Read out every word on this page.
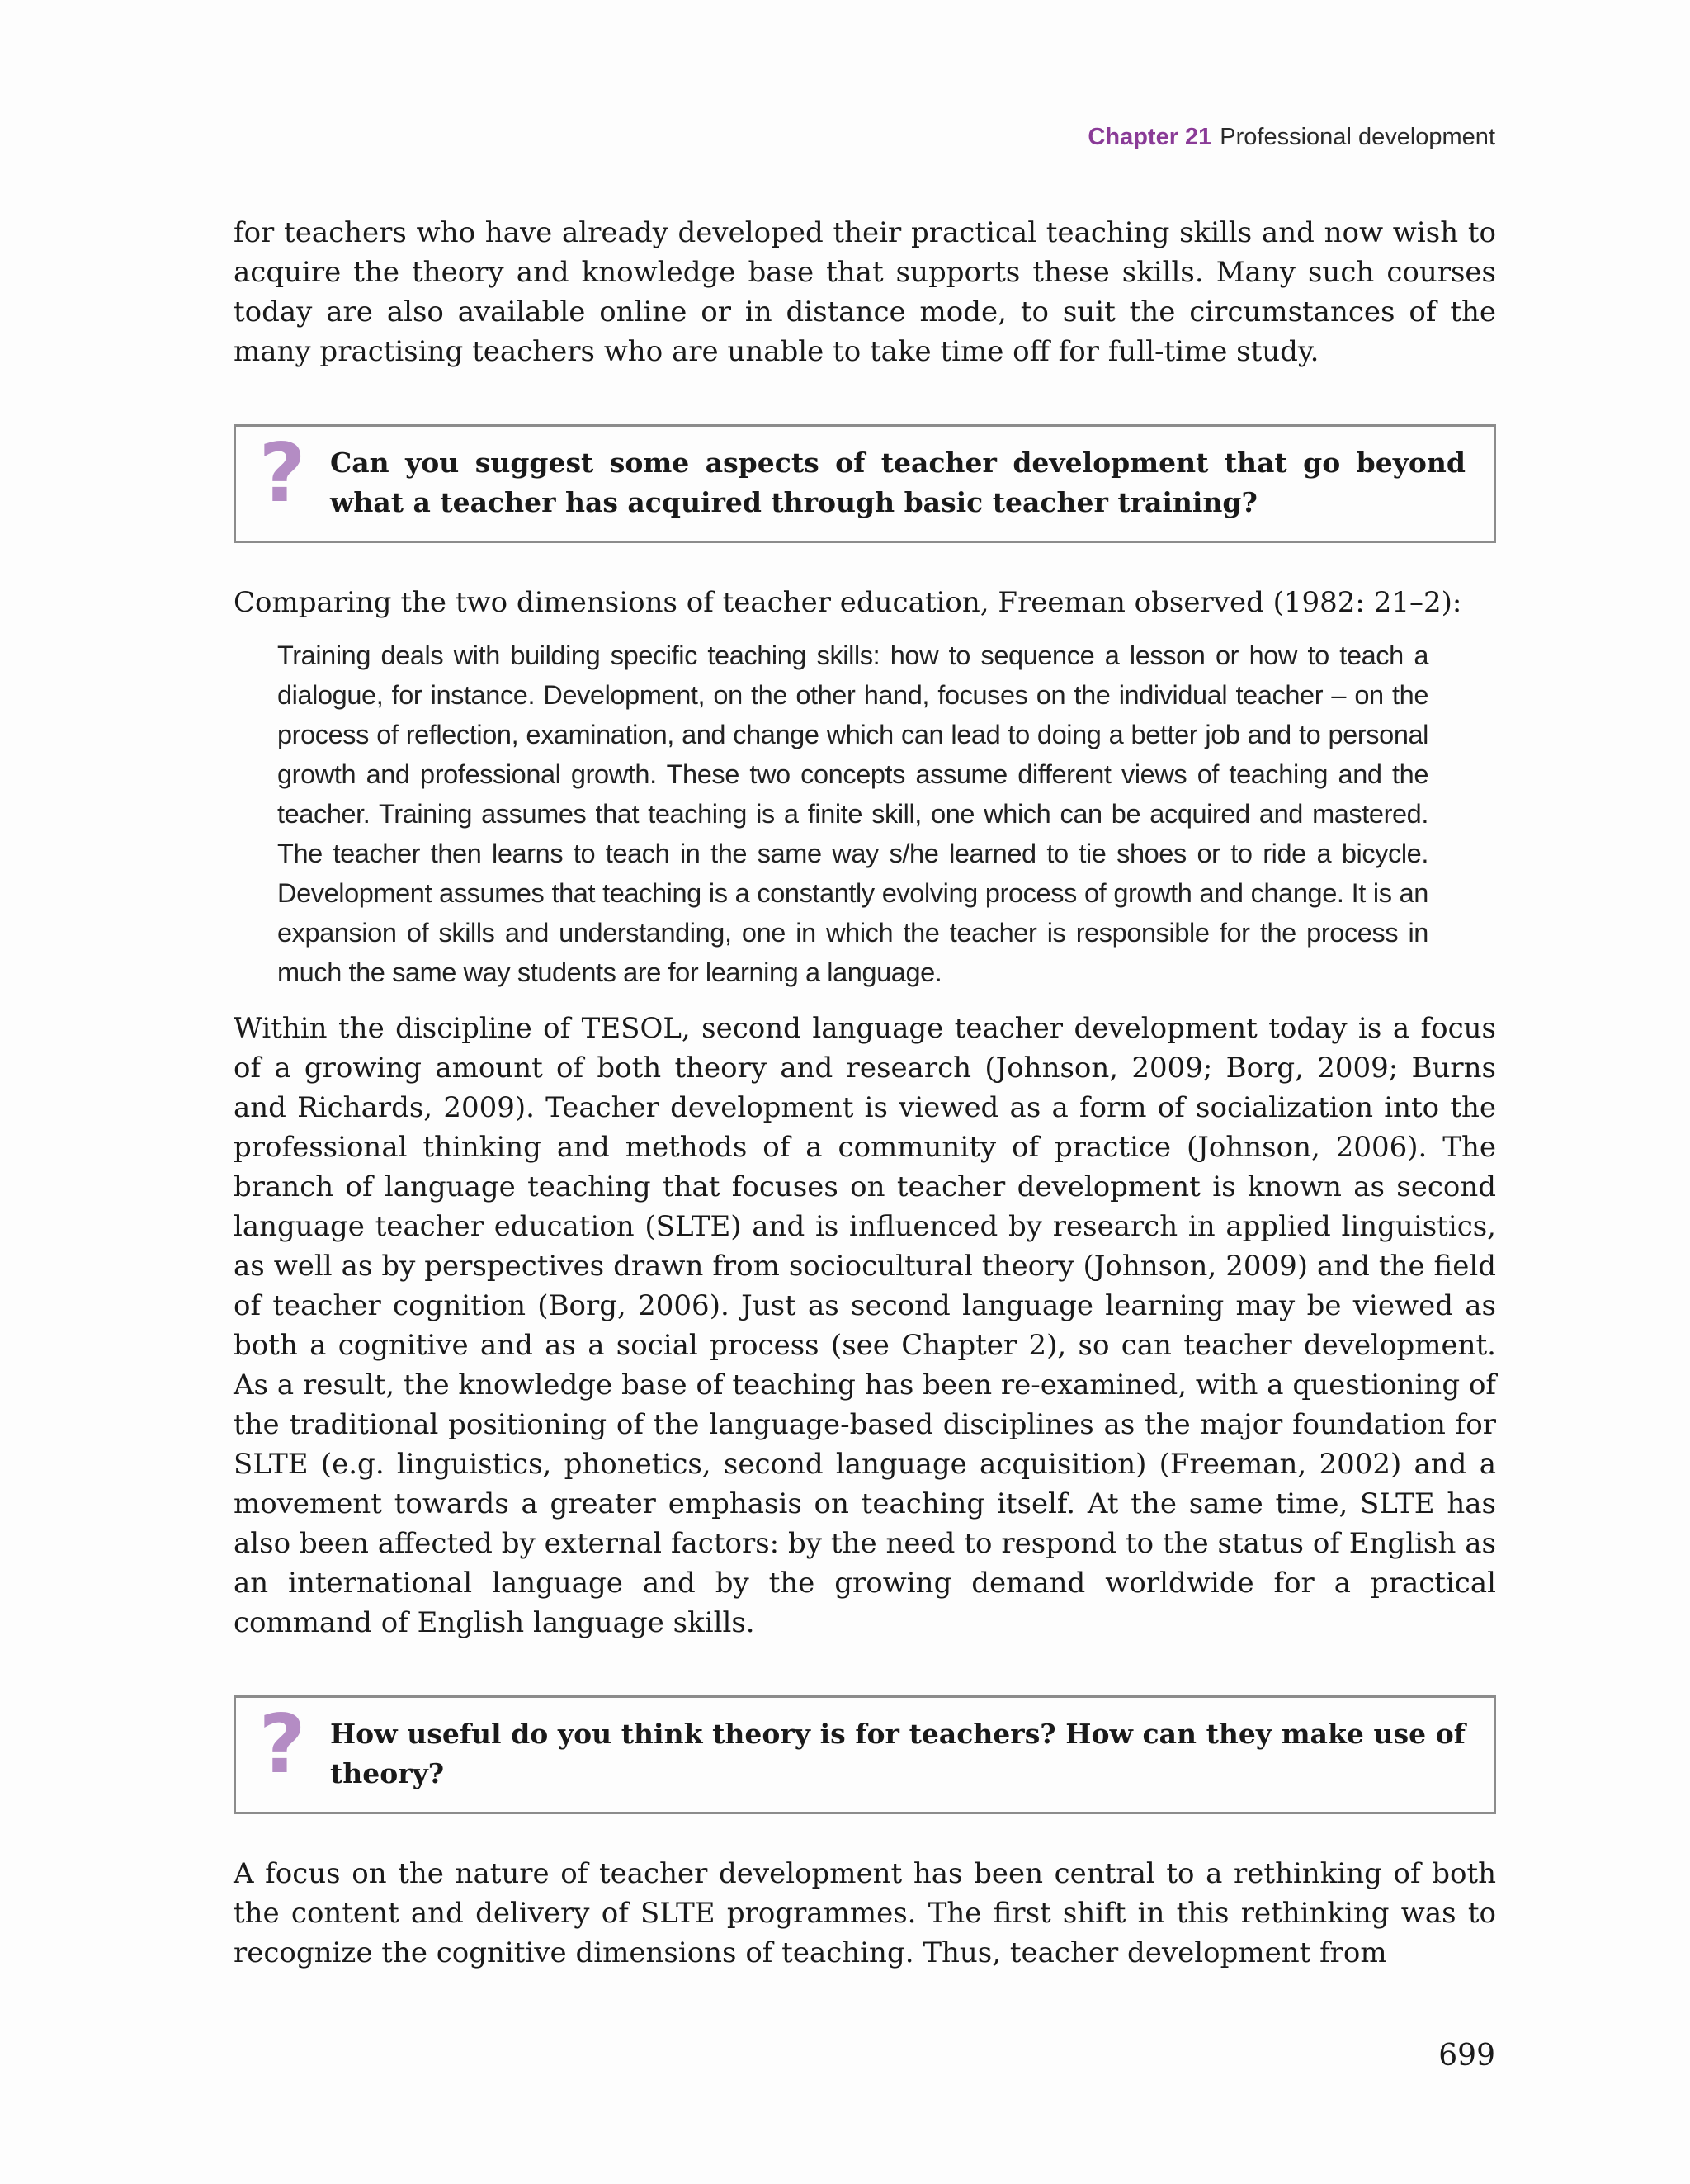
Chapter 21 Professional development

for teachers who have already developed their practical teaching skills and now wish to acquire the theory and knowledge base that supports these skills. Many such courses today are also available online or in distance mode, to suit the circumstances of the many practising teachers who are unable to take time off for full-time study.

? Can you suggest some aspects of teacher development that go beyond what a teacher has acquired through basic teacher training?

Comparing the two dimensions of teacher education, Freeman observed (1982: 21–2):

Training deals with building specific teaching skills: how to sequence a lesson or how to teach a dialogue, for instance. Development, on the other hand, focuses on the individual teacher – on the process of reflection, examination, and change which can lead to doing a better job and to personal growth and professional growth. These two concepts assume different views of teaching and the teacher. Training assumes that teaching is a finite skill, one which can be acquired and mastered. The teacher then learns to teach in the same way s/he learned to tie shoes or to ride a bicycle. Development assumes that teaching is a constantly evolving process of growth and change. It is an expansion of skills and understanding, one in which the teacher is responsible for the process in much the same way students are for learning a language.

Within the discipline of TESOL, second language teacher development today is a focus of a growing amount of both theory and research (Johnson, 2009; Borg, 2009; Burns and Richards, 2009). Teacher development is viewed as a form of socialization into the professional thinking and methods of a community of practice (Johnson, 2006). The branch of language teaching that focuses on teacher development is known as second language teacher education (SLTE) and is influenced by research in applied linguistics, as well as by perspectives drawn from sociocultural theory (Johnson, 2009) and the field of teacher cognition (Borg, 2006). Just as second language learning may be viewed as both a cognitive and as a social process (see Chapter 2), so can teacher development. As a result, the knowledge base of teaching has been re-examined, with a questioning of the traditional positioning of the language-based disciplines as the major foundation for SLTE (e.g. linguistics, phonetics, second language acquisition) (Freeman, 2002) and a movement towards a greater emphasis on teaching itself. At the same time, SLTE has also been affected by external factors: by the need to respond to the status of English as an international language and by the growing demand worldwide for a practical command of English language skills.

? How useful do you think theory is for teachers? How can they make use of theory?

A focus on the nature of teacher development has been central to a rethinking of both the content and delivery of SLTE programmes. The first shift in this rethinking was to recognize the cognitive dimensions of teaching. Thus, teacher development from

699
